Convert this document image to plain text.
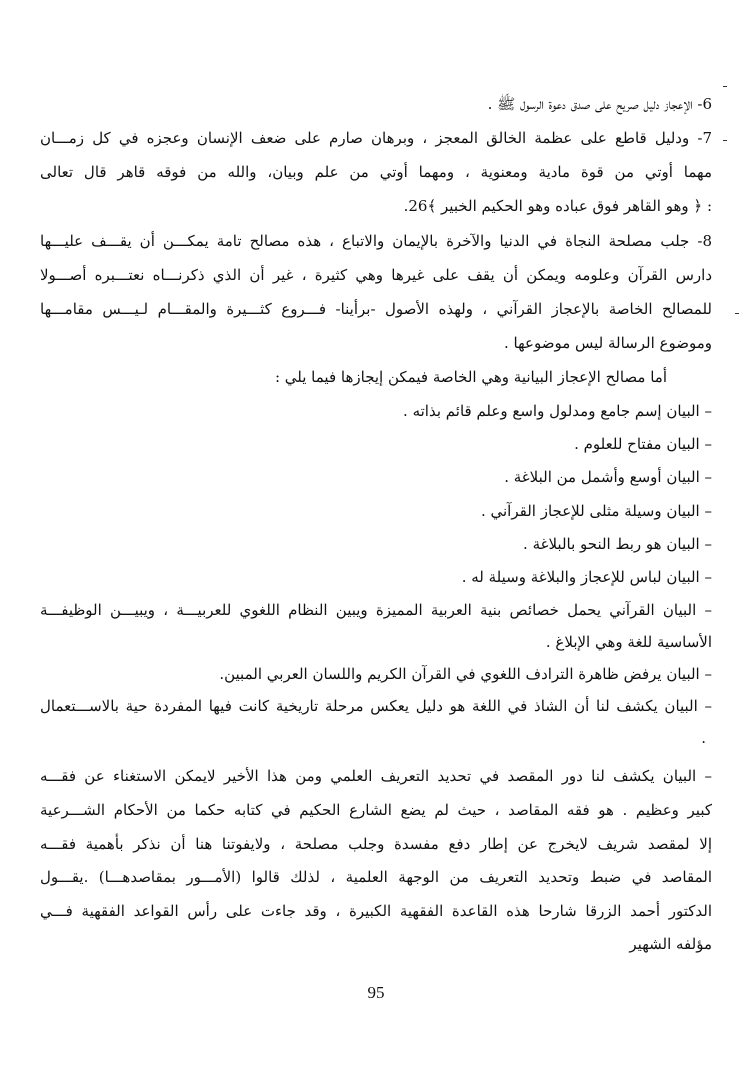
6- الإعجاز دليل صريح على صدق دعوة الرسول ﷺ .
7- ودليل قاطع على عظمة الخالق المعجز ، وبرهان صارم على ضعف الإنسان وعجزه في كل زمـــان
مهما أوتي من قوة مادية ومعنوية ، ومهما أوتي من علم وبيان، والله من فوقه قاهر قال تعالى
: ﴿ وهو القاهر فوق عباده وهو الحكيم الخبير ﴾26.
8- جلب مصلحة النجاة في الدنيا والآخرة بالإيمان والاتباع ، هذه مصالح تامة يمكـــن أن يقـــف عليـــها
دارس القرآن وعلومه ويمكن أن يقف على غيرها وهي كثيرة ، غير أن الذي ذكرنـــاه نعتـــبره أصـــولا
للمصالح الخاصة بالإعجاز القرآني ، ولهذه الأصول -برأينا- فـــروع كثـــيرة والمقـــام لـيـــس مقامـــها
وموضوع الرسالة ليس موضوعها .
أما مصالح الإعجاز البيانية وهي الخاصة فيمكن إيجازها فيما يلي :
– البيان إسم جامع ومدلول واسع وعلم قائم بذاته .
– البيان مفتاح للعلوم .
– البيان أوسع وأشمل من البلاغة .
– البيان وسيلة مثلى للإعجاز القرآني .
– البيان هو ربط النحو بالبلاغة .
– البيان لباس للإعجاز والبلاغة وسيلة له .
– البيان القرآني يحمل خصائص بنية العربية المميزة ويبين النظام اللغوي للعربيـــة ، ويبيـــن الوظيفـــة
الأساسية للغة وهي الإبلاغ .
– البيان يرفض ظاهرة الترادف اللغوي في القرآن الكريم واللسان العربي المبين.
– البيان يكشف لنا أن الشاذ في اللغة هو دليل يعكس مرحلة تاريخية كانت فيها المفردة حية بالاســـتعمال
.
– البيان يكشف لنا دور المقصد في تحديد التعريف العلمي ومن هذا الأخير لايمكن الاستغناء عن فقـــه
كبير وعظيم . هو فقه المقاصد ، حيث لم يضع الشارع الحكيم في كتابه حكما من الأحكام الشـــرعية
إلا لمقصد شريف لايخرج عن إطار دفع مفسدة وجلب مصلحة ، ولايفوتنا هنا أن نذكر بأهمية فقـــه
المقاصد في ضبط وتحديد التعريف من الوجهة العلمية ، لذلك قالوا (الأمـــور بمقاصدهـــا) .يقـــول
الدكتور أحمد الزرقا شارحا هذه القاعدة الفقهية الكبيرة ، وقد جاءت على رأس القواعد الفقهية فـــي
مؤلفه الشهير
95
